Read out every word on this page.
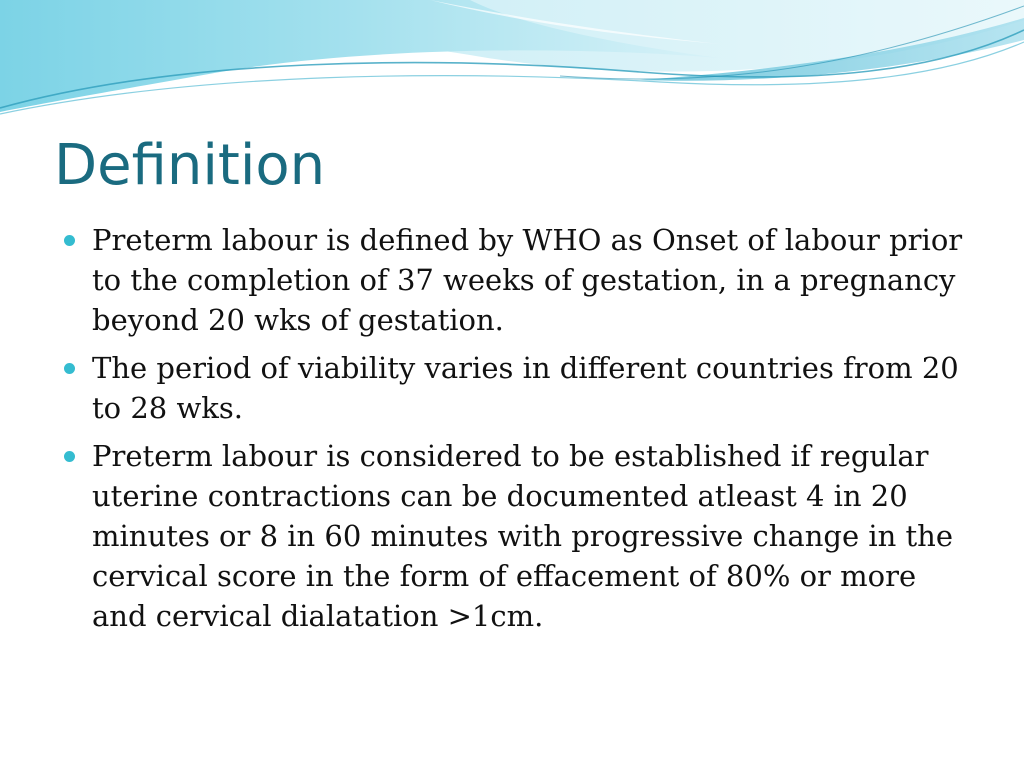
Definition
Preterm labour is defined by WHO as Onset of labour prior to the completion of 37 weeks of gestation, in a pregnancy beyond 20 wks of gestation.
The period of viability varies in different countries from 20 to 28 wks.
Preterm labour is considered to be established if regular uterine contractions can be documented atleast 4 in 20 minutes or 8 in 60 minutes with progressive change in the cervical score in the form of effacement of 80% or more and cervical dialatation >1cm.
